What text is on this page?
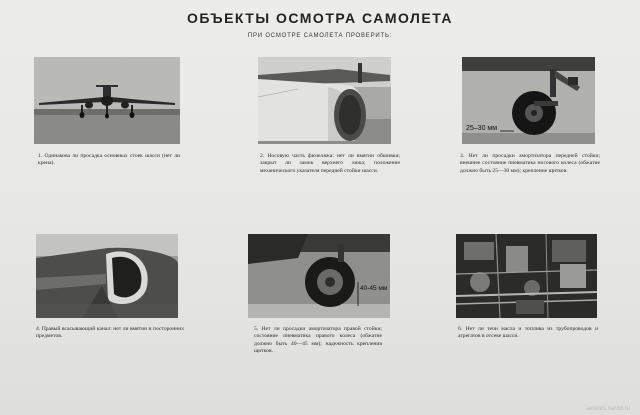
ОБЪЕКТЫ ОСМОТРА САМОЛЕТА
ПРИ ОСМОТРЕ САМОЛЕТА ПРОВЕРИТЬ:
25–30 мм
1. Одинакова ли просадка основных стоек шасси (нет ли крена).
2. Носовую часть фюзеляжа: нет ли вмятин обшивки; закрыт ли замок верхнего люка; положение механического указателя передней стойки шасси.
3. Нет ли просадки амортизатора передней стойки; внешнее состояние пневматика носового колеса (обжатие должно быть 25—30 мм); крепление щитков.
40-45 мм
4. Правый всасывающий канал: нет ли вмятин и посторонних предметов.
5. Нет ли просадки амортизатора правой стойки; состояние пневматика правого колеса (обжатие должно быть 40—45 мм); надежность крепления щитков.
6. Нет ли течи масла и топлива из трубопроводов и агрегатов в отсеке шасси.
airaces.narod.ru
